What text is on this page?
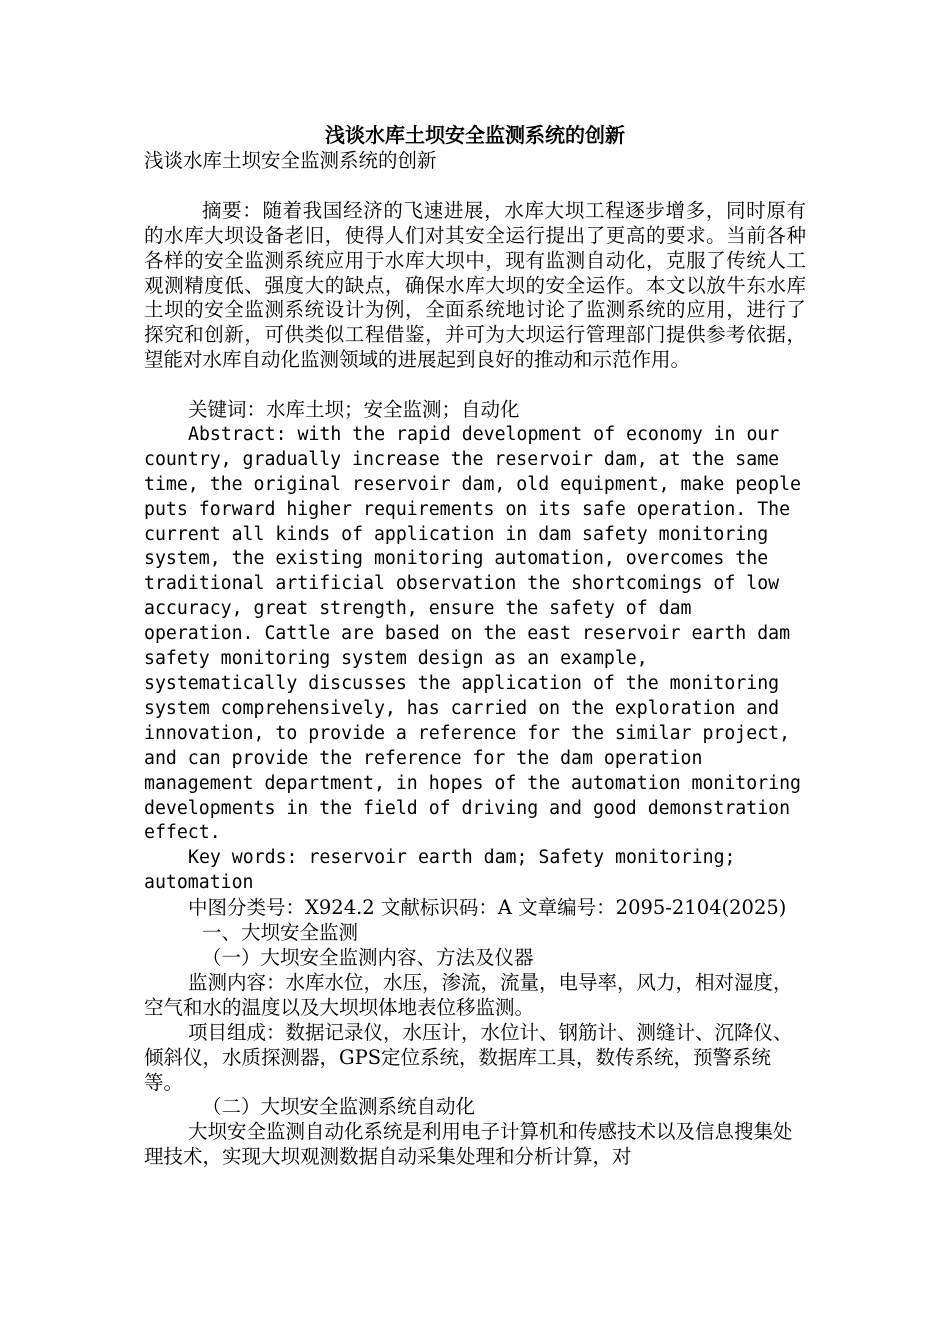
浅谈水库土坝安全监测系统的创新

浅谈水库土坝安全监测系统的创新

摘要：随着我国经济的飞速进展，水库大坝工程逐步增多，同时原有的水库大坝设备老旧，使得人们对其安全运行提出了更高的要求。当前各种各样的安全监测系统应用于水库大坝中，现有监测自动化，克服了传统人工观测精度低、强度大的缺点，确保水库大坝的安全运作。本文以放牛东水库土坝的安全监测系统设计为例，全面系统地讨论了监测系统的应用，进行了探究和创新，可供类似工程借鉴，并可为大坝运行管理部门提供参考依据，望能对水库自动化监测领域的进展起到良好的推动和示范作用。

关键词：水库土坝；安全监测；自动化

Abstract: with the rapid development of economy in our country, gradually increase the reservoir dam, at the same time, the original reservoir dam, old equipment, make people puts forward higher requirements on its safe operation. The current all kinds of application in dam safety monitoring system, the existing monitoring automation, overcomes the traditional artificial observation the shortcomings of low accuracy, great strength, ensure the safety of dam operation. Cattle are based on the east reservoir earth dam safety monitoring system design as an example, systematically discusses the application of the monitoring system comprehensively, has carried on the exploration and innovation, to provide a reference for the similar project, and can provide the reference for the dam operation management department, in hopes of the automation monitoring developments in the field of driving and good demonstration effect.

Key words: reservoir earth dam; Safety monitoring; automation

中图分类号：X924.2 文献标识码：A 文章编号：2095-2104(2025)

一、大坝安全监测

（一）大坝安全监测内容、方法及仪器

监测内容：水库水位，水压，渗流，流量，电导率，风力，相对湿度，空气和水的温度以及大坝坝体地表位移监测。

项目组成：数据记录仪，水压计，水位计、钢筋计、测缝计、沉降仪、倾斜仪，水质探测器，GPS定位系统，数据库工具，数传系统，预警系统等。

（二）大坝安全监测系统自动化

大坝安全监测自动化系统是利用电子计算机和传感技术以及信息搜集处理技术，实现大坝观测数据自动采集处理和分析计算，对
